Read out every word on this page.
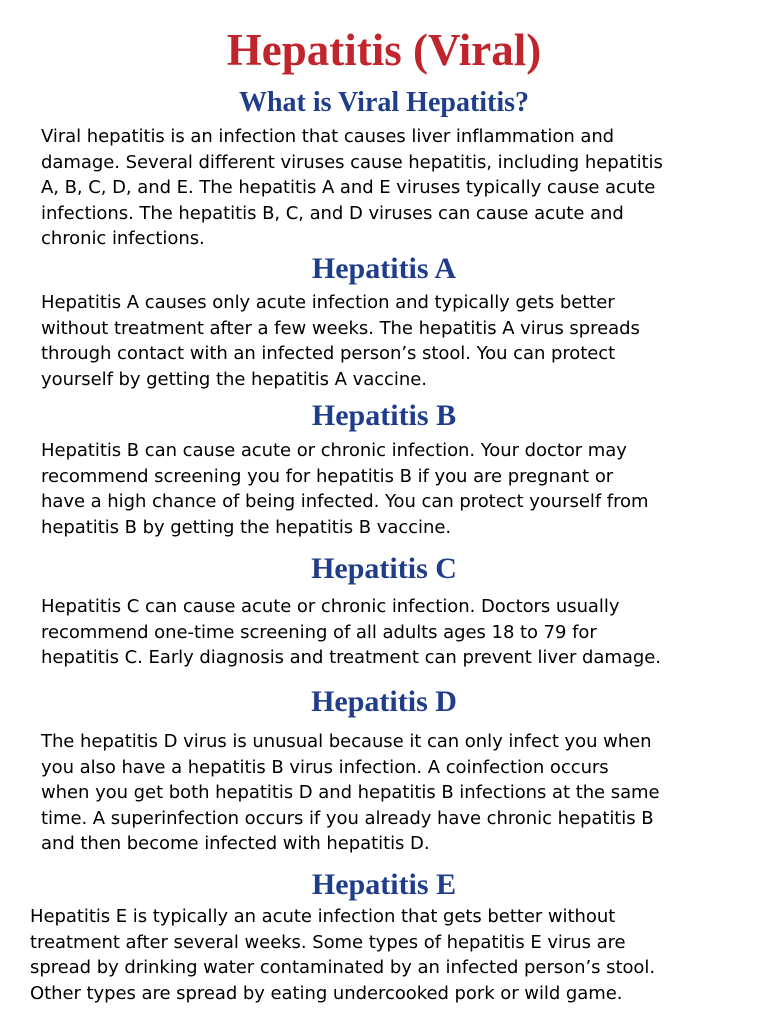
Hepatitis (Viral)
What is Viral Hepatitis?
Viral hepatitis is an infection that causes liver inflammation and
damage. Several different viruses cause hepatitis, including hepatitis
A, B, C, D, and E. The hepatitis A and E viruses typically cause acute
infections. The hepatitis B, C, and D viruses can cause acute and
chronic infections.
Hepatitis A
Hepatitis A causes only acute infection and typically gets better
without treatment after a few weeks. The hepatitis A virus spreads
through contact with an infected person’s stool. You can protect
yourself by getting the hepatitis A vaccine.
Hepatitis B
Hepatitis B can cause acute or chronic infection. Your doctor may
recommend screening you for hepatitis B if you are pregnant or
have a high chance of being infected. You can protect yourself from
hepatitis B by getting the hepatitis B vaccine.
Hepatitis C
Hepatitis C can cause acute or chronic infection. Doctors usually
recommend one-time screening of all adults ages 18 to 79 for
hepatitis C. Early diagnosis and treatment can prevent liver damage.
Hepatitis D
The hepatitis D virus is unusual because it can only infect you when
you also have a hepatitis B virus infection. A coinfection occurs
when you get both hepatitis D and hepatitis B infections at the same
time. A superinfection occurs if you already have chronic hepatitis B
and then become infected with hepatitis D.
Hepatitis E
Hepatitis E is typically an acute infection that gets better without
treatment after several weeks. Some types of hepatitis E virus are
spread by drinking water contaminated by an infected person’s stool.
Other types are spread by eating undercooked pork or wild game.
